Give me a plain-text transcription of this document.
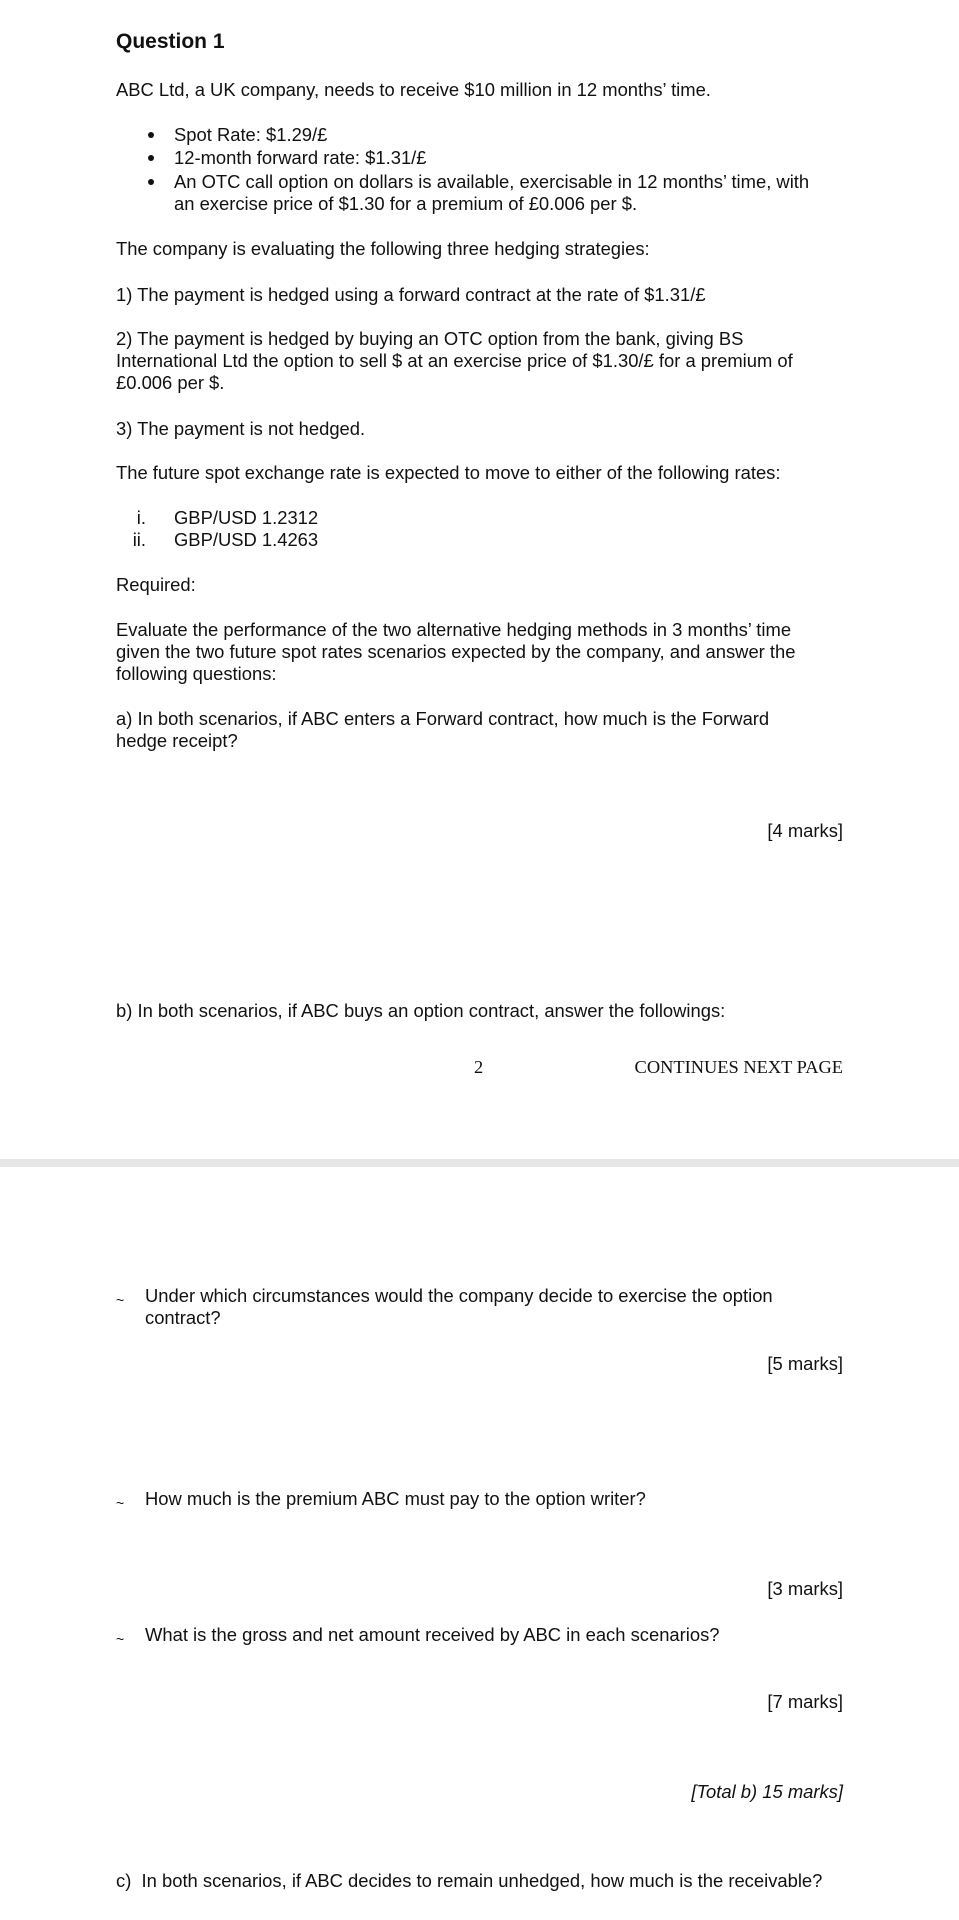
Question 1
ABC Ltd, a UK company, needs to receive $10 million in 12 months’ time.
Spot Rate: $1.29/£
12-month forward rate: $1.31/£
An OTC call option on dollars is available, exercisable in 12 months’ time, with
an exercise price of $1.30 for a premium of £0.006 per $.
The company is evaluating the following three hedging strategies:
1) The payment is hedged using a forward contract at the rate of $1.31/£
2) The payment is hedged by buying an OTC option from the bank, giving BS
International Ltd the option to sell $ at an exercise price of $1.30/£ for a premium of
£0.006 per $.
3) The payment is not hedged.
The future spot exchange rate is expected to move to either of the following rates:
i. GBP/USD 1.2312
ii. GBP/USD 1.4263
Required:
Evaluate the performance of the two alternative hedging methods in 3 months’ time
given the two future spot rates scenarios expected by the company, and answer the
following questions:
a) In both scenarios, if ABC enters a Forward contract, how much is the Forward
hedge receipt?
[4 marks]
b) In both scenarios, if ABC buys an option contract, answer the followings:
2	CONTINUES NEXT PAGE
~ Under which circumstances would the company decide to exercise the option
contract?
[5 marks]
~ How much is the premium ABC must pay to the option writer?
[3 marks]
~ What is the gross and net amount received by ABC in each scenarios?
[7 marks]
[Total b) 15 marks]
c)  In both scenarios, if ABC decides to remain unhedged, how much is the receivable?
